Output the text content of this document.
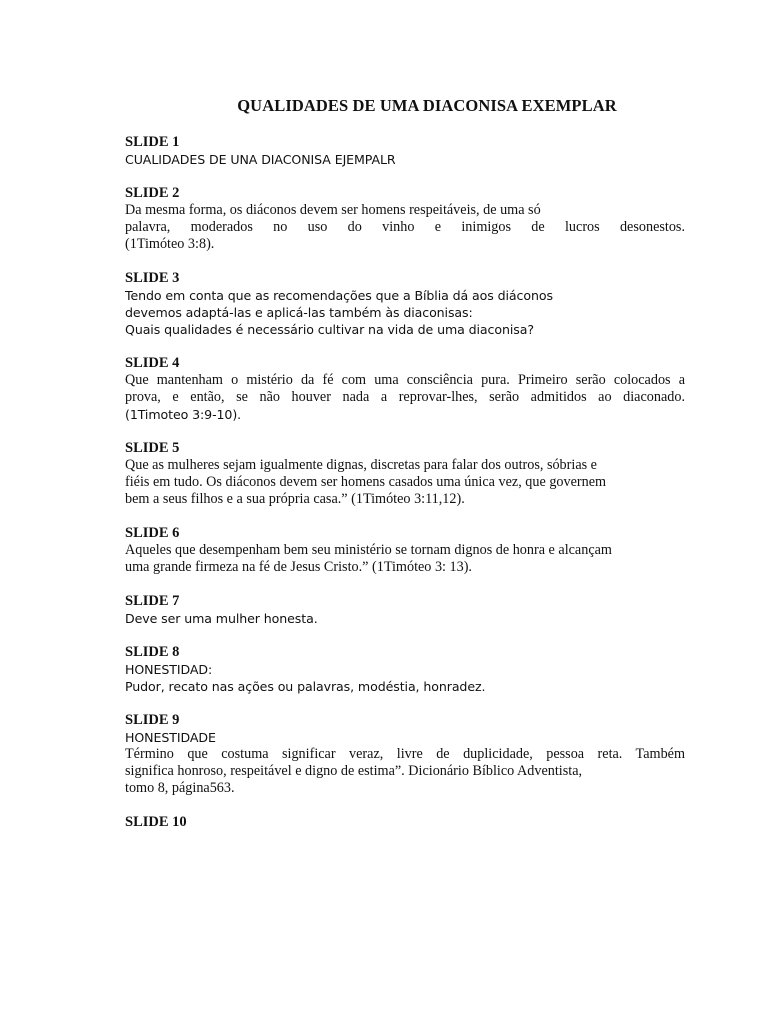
QUALIDADES DE UMA DIACONISA EXEMPLAR
SLIDE 1
CUALIDADES DE UNA DIACONISA EJEMPALR
SLIDE 2
Da mesma forma, os diáconos devem ser homens respeitáveis, de uma só
palavra, moderados no uso do vinho e inimigos de lucros desonestos.
(1Timóteo 3:8).
SLIDE 3
Tendo em conta que as recomendações que a Bíblia dá aos diáconos
devemos adaptá-las e aplicá-las também às diaconisas:
Quais qualidades é necessário cultivar na vida de uma diaconisa?
SLIDE 4
Que mantenham o mistério da fé com uma consciência pura. Primeiro serão colocados a
prova, e então, se não houver nada a reprovar-lhes, serão admitidos ao diaconado.
(1Timoteo 3:9-10).
SLIDE 5
Que as mulheres sejam igualmente dignas, discretas para falar dos outros, sóbrias e
fiéis em tudo. Os diáconos devem ser homens casados uma única vez, que governem
bem a seus filhos e a sua própria casa.” (1Timóteo 3:11,12).
SLIDE 6
Aqueles que desempenham bem seu ministério se tornam dignos de honra e alcançam
uma grande firmeza na fé de Jesus Cristo.” (1Timóteo 3: 13).
SLIDE 7
Deve ser uma mulher honesta.
SLIDE 8
HONESTIDAD:
Pudor, recato nas ações ou palavras, modéstia, honradez.
SLIDE 9
HONESTIDADE
Término que costuma significar veraz, livre de duplicidade, pessoa reta. Também
significa honroso, respeitável e digno de estima”. Dicionário Bíblico Adventista,
tomo 8, página563.
SLIDE 10
